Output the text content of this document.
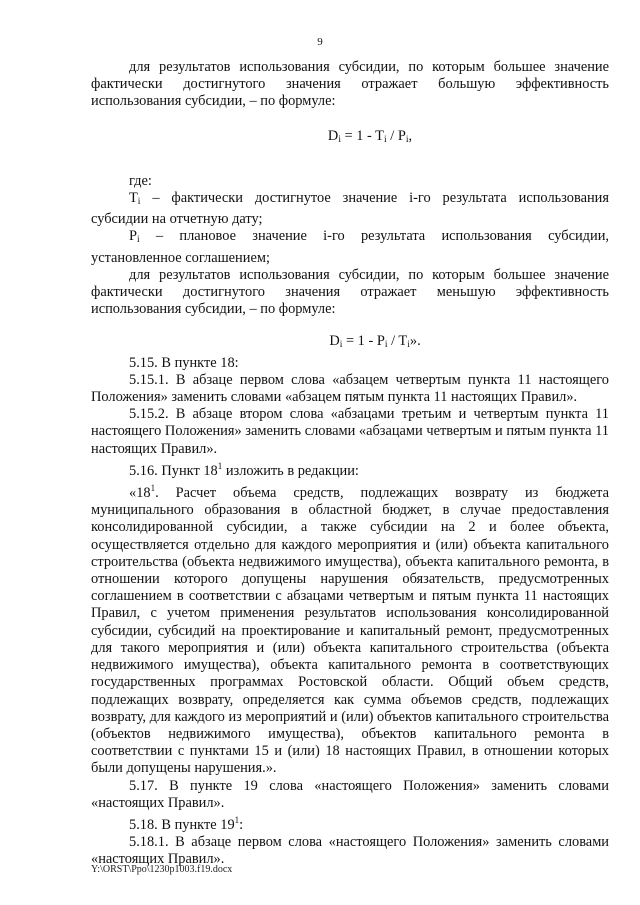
9

для результатов использования субсидии, по которым большее значение фактически достигнутого значения отражает большую эффективность использования субсидии, – по формуле:

$D_i = 1 - T_i / P_i$,

где:

$T_i$ – фактически достигнутое значение i-го результата использования субсидии на отчетную дату;

$P_i$ – плановое значение i-го результата использования субсидии, установленное соглашением;

для результатов использования субсидии, по которым большее значение фактически достигнутого значения отражает меньшую эффективность использования субсидии, – по формуле:

$D_i = 1 - P_i / T_i$».

5.15. В пункте 18:

5.15.1. В абзаце первом слова «абзацем четвертым пункта 11 настоящего Положения» заменить словами «абзацем пятым пункта 11 настоящих Правил».

5.15.2. В абзаце втором слова «абзацами третьим и четвертым пункта 11 настоящего Положения» заменить словами «абзацами четвертым и пятым пункта 11 настоящих Правил».

5.16. Пункт $18^1$ изложить в редакции:

«$18^1$. Расчет объема средств, подлежащих возврату из бюджета муниципального образования в областной бюджет, в случае предоставления консолидированной субсидии, а также субсидии на 2 и более объекта, осуществляется отдельно для каждого мероприятия и (или) объекта капитального строительства (объекта недвижимого имущества), объекта капитального ремонта, в отношении которого допущены нарушения обязательств, предусмотренных соглашением в соответствии с абзацами четвертым и пятым пункта 11 настоящих Правил, с учетом применения результатов использования консолидированной субсидии, субсидий на проектирование и капитальный ремонт, предусмотренных для такого мероприятия и (или) объекта капитального строительства (объекта недвижимого имущества), объекта капитального ремонта в соответствующих государственных программах Ростовской области. Общий объем средств, подлежащих возврату, определяется как сумма объемов средств, подлежащих возврату, для каждого из мероприятий и (или) объектов капитального строительства (объектов недвижимого имущества), объектов капитального ремонта в соответствии с пунктами 15 и (или) 18 настоящих Правил, в отношении которых были допущены нарушения.».

5.17. В пункте 19 слова «настоящего Положения» заменить словами «настоящих Правил».

5.18. В пункте $19^1$:

5.18.1. В абзаце первом слова «настоящего Положения» заменить словами «настоящих Правил».

Y:\ORST\Ppo\1230p1003.f19.docx
